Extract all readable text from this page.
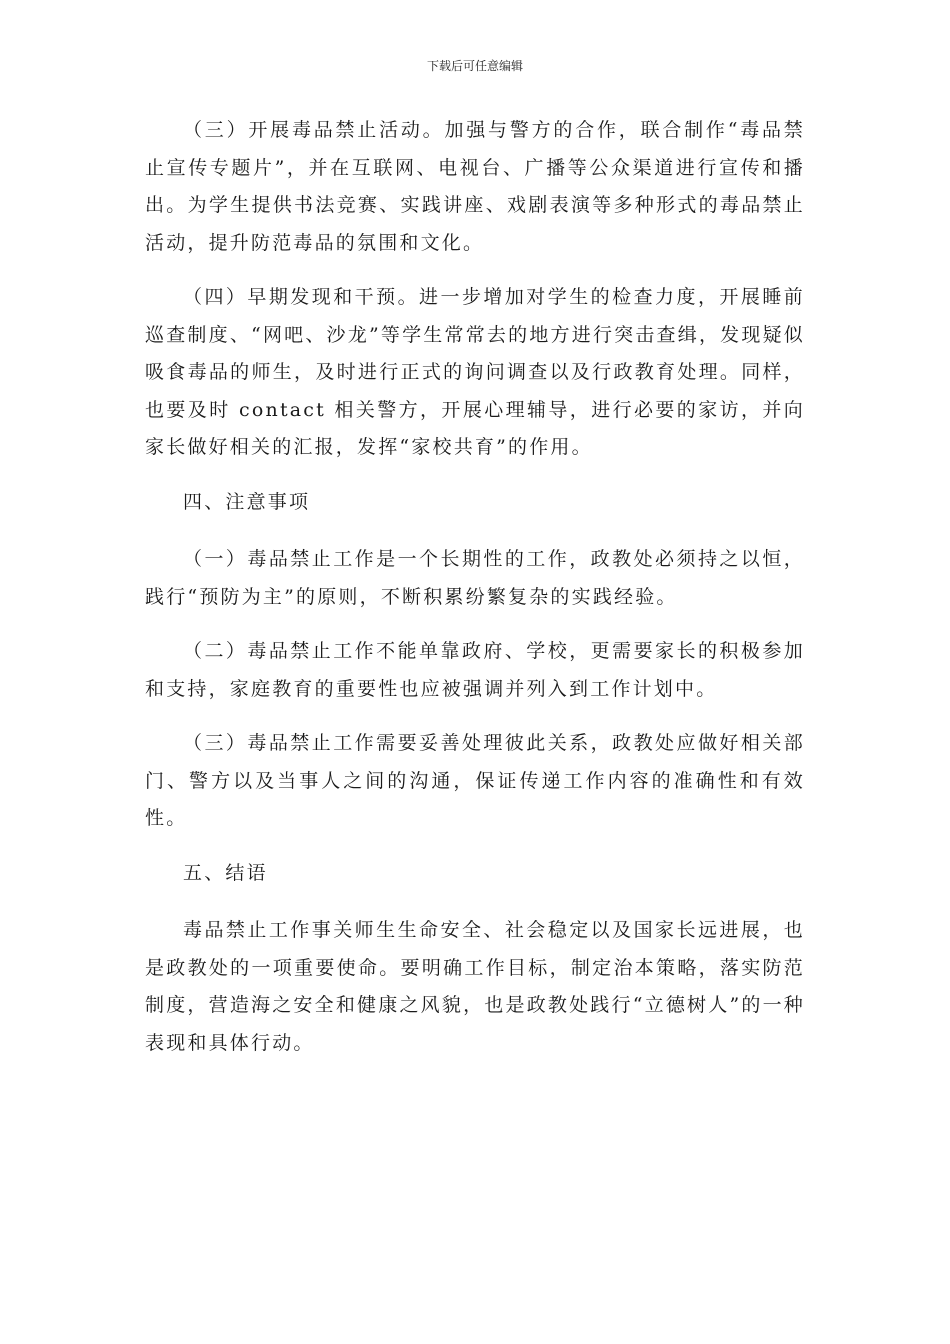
下载后可任意编辑

（三）开展毒品禁止活动。加强与警方的合作，联合制作“毒品禁止宣传专题片”，并在互联网、电视台、广播等公众渠道进行宣传和播出。为学生提供书法竞赛、实践讲座、戏剧表演等多种形式的毒品禁止活动，提升防范毒品的氛围和文化。

（四）早期发现和干预。进一步增加对学生的检查力度，开展睡前巡查制度、“网吧、沙龙”等学生常常去的地方进行突击查缉，发现疑似吸食毒品的师生，及时进行正式的询问调查以及行政教育处理。同样，也要及时 contact 相关警方，开展心理辅导，进行必要的家访，并向家长做好相关的汇报，发挥“家校共育”的作用。

四、注意事项

（一）毒品禁止工作是一个长期性的工作，政教处必须持之以恒，践行“预防为主”的原则，不断积累纷繁复杂的实践经验。

（二）毒品禁止工作不能单靠政府、学校，更需要家长的积极参加和支持，家庭教育的重要性也应被强调并列入到工作计划中。

（三）毒品禁止工作需要妥善处理彼此关系，政教处应做好相关部门、警方以及当事人之间的沟通，保证传递工作内容的准确性和有效性。

五、结语

毒品禁止工作事关师生生命安全、社会稳定以及国家长远进展，也是政教处的一项重要使命。要明确工作目标，制定治本策略，落实防范制度，营造海之安全和健康之风貌，也是政教处践行“立德树人”的一种表现和具体行动。
